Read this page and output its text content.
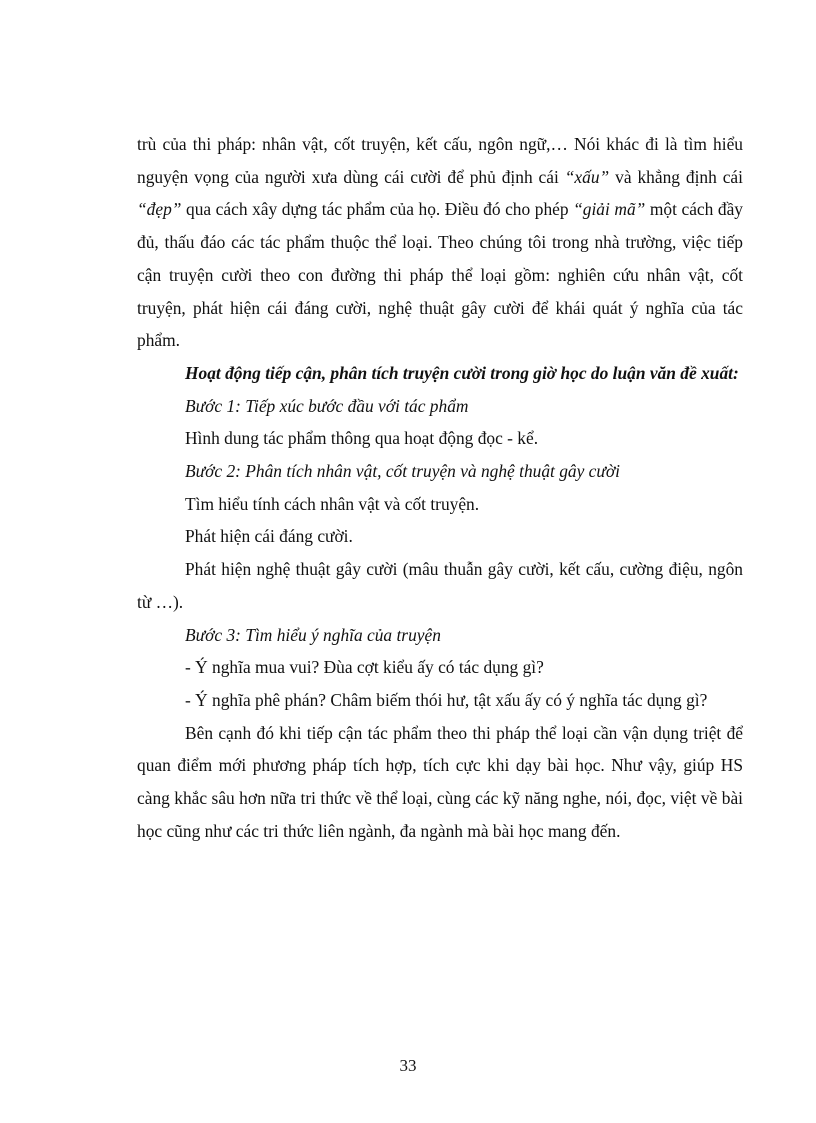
trù của thi pháp: nhân vật, cốt truyện, kết cấu, ngôn ngữ,… Nói khác đi là tìm hiểu nguyện vọng của người xưa dùng cái cười để phủ định cái “xấu” và khẳng định cái “đẹp” qua cách xây dựng tác phẩm của họ. Điều đó cho phép “giải mã” một cách đầy đủ, thấu đáo các tác phẩm thuộc thể loại. Theo chúng tôi trong nhà trường, việc tiếp cận truyện cười theo con đường thi pháp thể loại gồm: nghiên cứu nhân vật, cốt truyện, phát hiện cái đáng cười, nghệ thuật gây cười để khái quát ý nghĩa của tác phẩm.

Hoạt động tiếp cận, phân tích truyện cười trong giờ học do luận văn đề xuất:

Bước 1: Tiếp xúc bước đầu với tác phẩm

Hình dung tác phẩm thông qua hoạt động đọc - kể.

Bước 2: Phân tích nhân vật, cốt truyện và nghệ thuật gây cười

Tìm hiểu tính cách nhân vật và cốt truyện.

Phát hiện cái đáng cười.

Phát hiện nghệ thuật gây cười (mâu thuẫn gây cười, kết cấu, cường điệu, ngôn từ …).

Bước 3: Tìm hiểu ý nghĩa của truyện

- Ý nghĩa mua vui? Đùa cợt kiểu ấy có tác dụng gì?

- Ý nghĩa phê phán? Châm biếm thói hư, tật xấu ấy có ý nghĩa tác dụng gì?

Bên cạnh đó khi tiếp cận tác phẩm theo thi pháp thể loại cần vận dụng triệt để quan điểm mới phương pháp tích hợp, tích cực khi dạy bài học. Như vậy, giúp HS càng khắc sâu hơn nữa tri thức về thể loại, cùng các kỹ năng nghe, nói, đọc, việt về bài học cũng như các tri thức liên ngành, đa ngành mà bài học mang đến.

33
